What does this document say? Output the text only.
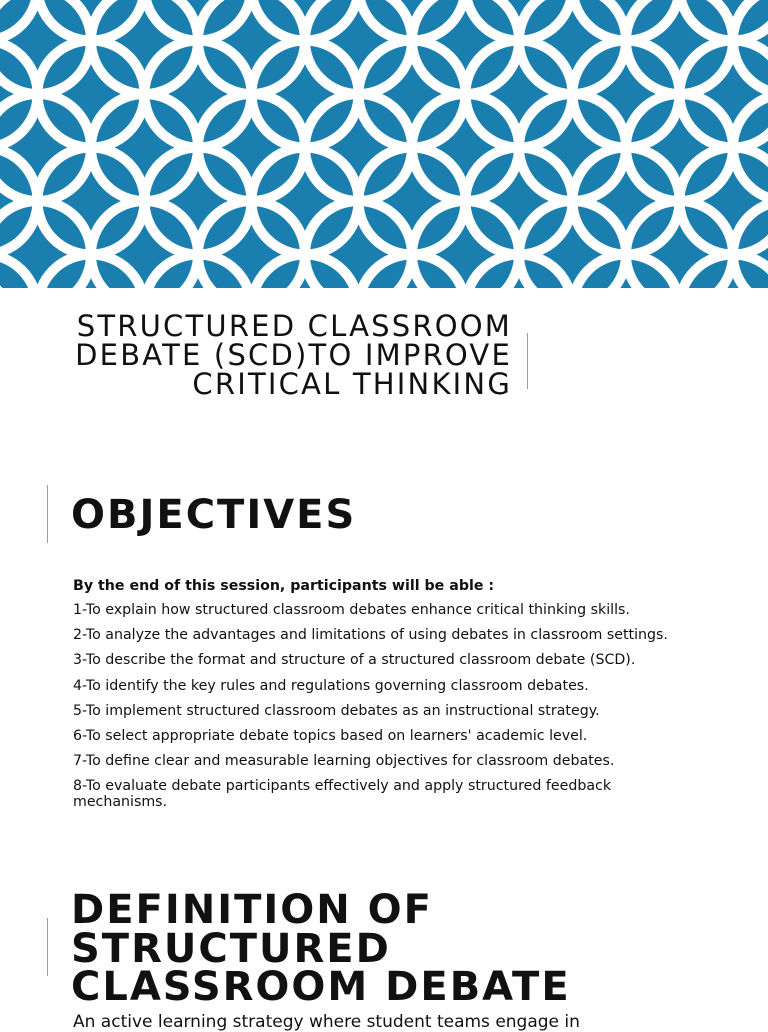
STRUCTURED CLASSROOM

DEBATE (SCD)TO IMPROVE

CRITICAL THINKING

OBJECTIVES

By the end of this session, participants will be able :

1-To explain how structured classroom debates enhance critical thinking skills.
2-To analyze the advantages and limitations of using debates in classroom settings.
3-To describe the format and structure of a structured classroom debate (SCD).
4-To identify the key rules and regulations governing classroom debates.
5-To implement structured classroom debates as an instructional strategy.
6-To select appropriate debate topics based on learners' academic level.
7-To define clear and measurable learning objectives for classroom debates.
8-To evaluate debate participants effectively and apply structured feedback mechanisms.
DEFINITION OF
STRUCTURED
CLASSROOM DEBATE

An active learning strategy where student teams engage in
